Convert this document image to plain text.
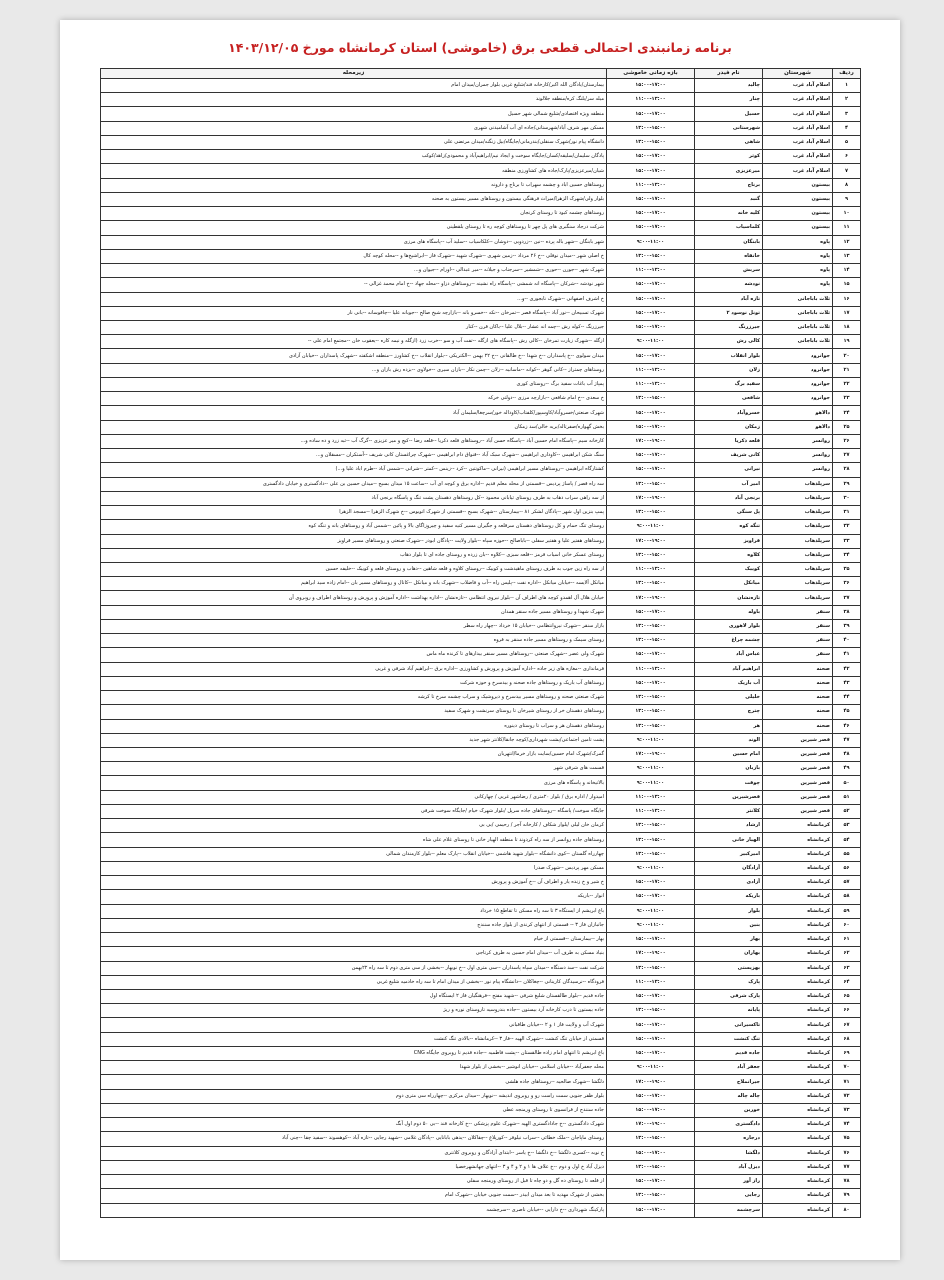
برنامه زمانبندی احتمالی قطعی برق (خاموشی) استان کرمانشاه مورخ ۱۴۰۳/۱۲/۰۵
ردیف	شهرستان	نام فیدر	بازه زمانی خاموشی	زیرمحله
۱	اسلام آباد غرب	چالید	۱۵:۰۰-۱۷:۰۰	بیمارستان/بادگان الله اکبر/کارخانه قند/شلیغ غربی بلوار جمران/میدان امام
۲	اسلام آباد غرب	چنار	۱۱:۰۰-۱۳:۰۰	میله سر/بلنگ کره/منطقه جلالوند
۳	اسلام آباد غرب	حسیل	۱۵:۰۰-۱۷:۰۰	منطقه ویژه اقتصادی/شلیغ شمالی شهر حسیل
۴	اسلام آباد غرب	شهرستانی	۱۳:۰۰-۱۵:۰۰	مسکن مهر شرف آباد/شهرستانی/جاده ای آب آشامیدنی شهری
۵	اسلام آباد غرب	شاهی	۱۳:۰۰-۱۵:۰۰	دانشگاه پیام نور/شهرک سنقلی/بندرمانی/جایگاه/بیل زنگنه/میدان مرتضی علی
۶	اسلام آباد غرب	کوثر	۱۵:۰۰-۱۷:۰۰	پادگان سلیمان/سلیقه/کسان/جایگاه سوخت و ایجاد نیم/ابراهیم‌آباد و محمودی/زاهد/کوکب
۷	اسلام آباد غرب	میرعزیزی	۱۵:۰۰-۱۷:۰۰	شیان/میرعزیزی/پارک/جاده های کشاورزی منطقه
۸	بیستون	برناج	۱۱:۰۰-۱۳:۰۰	روستاهای حسین اباد و چشمه سهراب تا برناج و دارونه
۹	بیستون	گنبد	۱۵:۰۰-۱۷:۰۰	بلوار ولی/شهرک الزهرا/میراث فرهنگی بیستون و روستاهای مسیر بیستون به صحنه
۱۰	بیستون	کلیه خانه	۱۵:۰۰-۱۷:۰۰	روستاهای چشمه کبود تا روستای کرنجان
۱۱	بیستون	کلماسیاب	۱۵:۰۰-۱۷:۰۰	شرکت درجاد سنگبری های پل چهر تا روستاهای کوچه ره تا روستای بلقطینی
۱۲	پاوه	بابنگان	۹:۰۰-۱۱:۰۰	شهر بابنگان --شهر باله پرده --نین --زردویی --دوشان --کلکاسیاب --سلید آب --پاسگاه های مرزی
۱۳	پاوه	خانقاه	۱۳:۰۰-۱۵:۰۰	خ اصلی شهر --میدان نوفلی --خ ۲۶ مرداد --زمین شهری --شهرک شهید --شهرک فاز --ابراشیخ‌ها و --محله کوچه کال
۱۴	پاوه	سربش	۱۱:۰۰-۱۳:۰۰	شهرک شهر --جورن --حوری --شمشیر --سرجناب و جیلانه --میر عبدالی --اورام --جیوان و...
۱۵	پاوه	نودشه	۱۵:۰۰-۱۷:۰۰	شهر نودشه --شرکان --پاسگاه انه شمشی --پاسگاه راه نشینه --روستاهای دزاو --محله جهاد --خ امام محمد غزالی --
۱۶	ثلاث باباجانی	تازه آباد	۱۵:۰۰-۱۷:۰۰	خ اشرف اصفهانی --شهرک نابجوری --و...
۱۷	ثلاث باباجانی	تونل نوسود ۲	۱۵:۰۰-۱۷:۰۰	شهرک تسبیحان --نور آباد --پاسگاه قصر --تمرخان --نکه --خسرو بانه --بازارچه شیخ صالح --جوبانه عليا --چاقوسانه --بانی نار
۱۸	ثلاث باباجانی	جیرزرنگ	۱۵:۰۰-۱۷:۰۰	جیرزرنگ --کوله رش --چمه انه عشار --بلال علیا --باکان قرن --کنار
۱۹	ثلاث باباجانی	کالی رش	۹:۰۰-۱۱:۰۰	ازگله --شهرک زیارت تمرخان --کالی رش --پاسگاه های ازگله --تفت آب و سو --خرب زرد (ازگله و نیمه کاره --یعقوب خان --مجتمع امام علی --
۲۰	جوانرود	بلوار انقلاب	۱۵:۰۰-۱۷:۰۰	میدان سولوی --خ پاسداران --خ شهدا --خ طالقانی --خ ۲۲ بهمن --الکتریکی --بلوار انقلاب --خ کشاورز --منطقه اشکفته --شهرک پاسداران --خیابان آزادی
۲۱	جوانرود	زلان	۱۱:۰۰-۱۳:۰۰	روستاهای چمتراز --کانی گوهر --کوانه --ماسانیه --زلان --چمن نکار --بازان سیری --خولاوی --بزده رش بازان و...
۲۲	جوانرود	سفید برگ	۱۱:۰۰-۱۳:۰۰	پمپاژ آب باغات سفید برگ --روستای کوری
۲۳	جوانرود	شافعی	۱۳:۰۰-۱۵:۰۰	خ سعدی --خ امام شافعی --بازارچه مرزی --دولتی خرکه
۲۴	دالاهو	خسروآباد	۱۵:۰۰-۱۷:۰۰	شهرک صنعتی/خسروآباد/کاوسپور/کلفتاب/کاوداله خور/سرچغا/سلیمان آباد
۲۵	دالاهو	زمکان	۱۵:۰۰-۱۷:۰۰	بخش گهواره/صفرتاله/بریه خالی/سد زمکان
۲۶	روانسر	قلعه ذکریا	۱۷:۰۰-۱۹:۰۰	کارخانه سیم --پاسگاه امام حسین آباد --پاسگاه حسن آباد --روستاهای قلعه ذکریا --قلعه رضا --کیچ و میر عزیزی --گرگ آب --ثبه زرد و ده ساده و...
۲۷	روانسر	کانی شریف	۱۵:۰۰-۱۷:۰۰	سنگ شکن ابراهیمی --کاوداری ابراهیمی --شهرک سبک آباد --قنواق دام ابراهیمی --شهرک چراغستان کانی شریف --آستکران --مسقلان و...
۲۸	روانسر	نیرانی	۱۵:۰۰-۱۷:۰۰	کشتارگاه ابراهیمی --روستاهای مسیر ابراهیمی (نیرانی --ماکونتین --کرد --زینس --کمتر --شرانی --شمس آباد --طرم اباد علیا و...)
۲۹	سرپلذهاب	امیر آب	۱۳:۰۰-۱۵:۰۰	سه راه قصر / پاساژ پردیس --قسمتی از محله معلم قدیم --اداره برق و کوچه ای آب --ساعت ۱۵ میدان بسیج --میدان حسین بن علی --دادگستری و خیابان دادگستری
۳۰	سرپلذهاب	برنجی آباد	۱۷:۰۰-۱۹:۰۰	از سه راهی سراب ذهاب به طرف روستای ثیابانی محمود --کل روستاهای دهستان پشت تنگ و پاسگاه برنجی آباد
۳۱	سرپلذهاب	پل سنگی	۱۳:۰۰-۱۵:۰۰	پمپ بنزین اول شهر --پادگان لشکر ۸۱ --بیمارستان --شهرک بسیج --قسمتی از شهرک اتوبوس --خ شهرک الزهرا --مسجد الزهرا
۳۲	سرپلذهاب	تنگه کوه	۹:۰۰-۱۱:۰۰	روستای تنگ حمام و کل روستاهای دهستان سرقلعه و جگیران مسیر کنیه سفید و چیروزاگای بالا و پائین --شمس آباد و روستاهای بانه و تنگه کوه
۳۳	سرپلذهاب	قراویز	۱۷:۰۰-۱۹:۰۰	روستاهای هفتیر علیا و هفتیر سفلی --باباصالح --حوزه سپاه --بلوار ولایت --پادگان ابوذر --شهرک صنعتی و روستاهای مسیر قراویز
۳۴	سرپلذهاب	کلاوه	۱۳:۰۰-۱۵:۰۰	روستای عسکر خانی اسیاب قرمز --قلعه سبزی --کلاوه --بان زرده و روستای جاده ای تا بلوار ذهاب
۳۵	سرپلذهاب	کوییک	۱۱:۰۰-۱۳:۰۰	از سه راه زین جوب به طرف روستای ماهیدشت و کوییک --روستای کلاوه و قلعه شاهین --ذهاب و روستای قلعه و کوییک --خلیفه حسین
۳۶	سرپلذهاب	میانکل	۱۳:۰۰-۱۵:۰۰	میانکل آلایسه --خیابان میانکل --اداره نفت --پلیس راه --آب و فاضلاب --شهرک بانه و میانکل --کانال و روستاهای مسیر بان --امام زاده سید ابراهیم
۳۷	سرپلذهاب	تازه‌نشان	۱۷:۰۰-۱۹:۰۰	خیابان هلال آل اهمدو کوچه های اطراف آن --بلوار نیروی انتظامی --تازه‌نشان --اداره بهداشت --اداره آموزش و پرورش و روستاهای اطراف و روبروی آن
۳۸	سنقر	باوله	۱۵:۰۰-۱۷:۰۰	شهرک شهدا و روستاهای مسیر جاده سنقر همدان
۳۹	سنقر	بلوار لاهوری	۱۳:۰۰-۱۵:۰۰	بازار سنقر --شهرک نیروانتظامی --خیابان ۱۵ خرداد --چهار راه سطر
۴۰	سنقر	چشمه چراغ	۱۳:۰۰-۱۵:۰۰	روستای سیمک و روستاهای مسیر جاده سنقر به فروه
۴۱	سنقر	عباس آباد	۱۵:۰۰-۱۷:۰۰	شهرک ولی عصر --شهرک صنعتی --روستاهای مسیر سنقر بیدارهای تا کرنده ماه ماس
۴۲	صحنه	ابراهیم آباد	۱۱:۰۰-۱۳:۰۰	فرمانداری --مغازه های زیر جاده --اداره آموزش و پرورش و کشاورزی --اداره برق --ابراهیم آباد شرقی و غربی
۴۳	صحنه	آب باریک	۱۵:۰۰-۱۷:۰۰	روستاهای آب باریک و روستاهای جاده صحنه و بیدسرخ و حوزه شرکت
۴۴	صحنه	خلیلی	۱۳:۰۰-۱۵:۰۰	شهرک صنعتی صحنه و روستاهای مسیر بیدسرخ و دیروشیک و سراب چشمه سرخ تا کرشه
۴۵	صحنه	چترچ	۱۳:۰۰-۱۵:۰۰	روستاهای دهستان خر از روستای شیرخان تا روستای سرنشت و شهرک سفید
۴۶	صحنه	هر	۱۳:۰۰-۱۵:۰۰	روستاهای دهستان هر و سراب تا روستای دینوره
۴۷	قصر شیرین	الوند	۹:۰۰-۱۱:۰۰	پشت تامین اجتماعی/پشت شهرداری/کوچه جانقا/کلانتر شهر جدید
۴۸	قصر شیرین	امام حسین	۱۷:۰۰-۱۹:۰۰	گمرک/شهرک امام حسین/سایت بازار خرما/انتهربان
۴۹	قصر شیرین	بازبان	۹:۰۰-۱۱:۰۰	قسمت های شرقی شهر
۵۰	قصر شیرین	چوقت	۹:۰۰-۱۱:۰۰	بالاتیخانه و پاسگاه های مرزی
۵۱	قصر شیرین	قصرشیرین	۱۱:۰۰-۱۳:۰۰	امیدوار / اداره برق / بلوار ۲۰متری / رضاشهر غربی / چهارکانی
۵۲	قصر شیرین	کلانتر	۱۱:۰۰-۱۳:۰۰	جایگاه سوخت/ پاسگاه --روستاهای جاده سرپل /بلوار شهرک خیام /جایگاه سوخت شرقی
۵۳	کرمانشاه	ارشاد	۱۳:۰۰-۱۵:۰۰	کرمان خان لیلی /بلوار شکاف / کارخانه آجر / رحیمی /بی بی
۵۴	کرمانشاه	الهیار خانی	۱۳:۰۰-۱۵:۰۰	روستاهای جاده روانسر از سه راه کردوند تا منطقه الهیار خانی تا روستای غلام علی شاه
۵۵	کرمانشاه	امیرکبیر	۱۳:۰۰-۱۵:۰۰	چهارراه گلستان --کوی دانشگاه --بلوار شهید هاشمی --خیابان انقلاب --پارک معلم --بلوار کارمندان شمالی
۵۶	کرمانشاه	آزادگان	۹:۰۰-۱۱:۰۰	مسکن مهر پردیس --شهرک صدرا
۵۷	کرمانشاه	آزادی	۱۵:۰۰-۱۷:۰۰	خ شیر و خ زنده یار و اطراف آن --خ آموزش و پرورش
۵۸	کرمانشاه	باریکه	۱۵:۰۰-۱۷:۰۰	انوار --باریکه
۵۹	کرمانشاه	بلوار	۹:۰۰-۱۱:۰۰	باغ ابریشم از ایستگاه ۳ تا سه راه مسکن تا تقاطع ۱۵ خرداد
۶۰	کرمانشاه	بنین	۹:۰۰-۱۱:۰۰	جانبازان فاز ۳ -- قسمتی از انتهای کرندی از بلوار جاده سنندج
۶۱	کرمانشاه	بهار	۱۵:۰۰-۱۷:۰۰	بهار --بیمارستان --قسمتی از خیام
۶۲	کرمانشاه	بهاران	۱۷:۰۰-۱۹:۰۰	بنیاد مسکن به طرف آب --میدان امام حسین به طرف کرتاجی
۶۳	کرمانشاه	بهزیستی	۱۳:۰۰-۱۵:۰۰	شرکت نفت --سد دستگاه --میدان سپاه پاسداران --سی متری اول --خ نوبهار --بخشی از سی متری دوم تا سه راه ۲۲بهمن
۶۴	کرمانشاه	پارک	۱۱:۰۰-۱۳:۰۰	فرودگاه --نرسیدگان کارینانی --چغاکلان --دانشگاه پیام نور --بخشی از میدان امام تا سه راه خادمیه شلیغ غربی
۶۵	کرمانشاه	پارک شرقی	۱۵:۰۰-۱۷:۰۰	جاده قدیم --بلوار طالقستان شلیغ شرقی --شهید مفتح --فرهنگیان فاز ۲ ایستگاه اول
۶۶	کرمانشاه	پایانه	۱۳:۰۰-۱۵:۰۰	جاده بیستون تا درب کارخانه آرد بیستون --جاده بندروسیه تاروستای نوره و ریژ
۶۷	کرمانشاه	تاکسیرانی	۱۵:۰۰-۱۷:۰۰	شهرک آب و ولایت فاز ۱ و ۲ --خیابان طاقبانی
۶۸	کرمانشاه	تنگ کنشت	۱۵:۰۰-۱۷:۰۰	قسمتی از خیابان تنگ کنشت --شهرک الهیه --فاز ۳ --کرمانشاه --بالادی تنگ کنشت
۶۹	کرمانشاه	جاده قدیم	۱۵:۰۰-۱۷:۰۰	باغ ابریشم تا انتهای امام زاده طالقستان --پشت فاطمیه --جاده قدیم تا روبروی جایگاه CNG
۷۰	کرمانشاه	جعفر آباد	۹:۰۰-۱۱:۰۰	محله جعفرآباد --خیابان اسلامی --خیابان انوشیر --بخشی از بلوار شهدا
۷۱	کرمانشاه	جیرانملاح	۱۷:۰۰-۱۹:۰۰	دلگشا --شهرک صالحیه --روستاهای جاده هلشی
۷۲	کرمانشاه	چاله چاله	۱۵:۰۰-۱۷:۰۰	بلوار ظفر جنوبی سمت راست رو و روبروی اندیشه --نوبهار --میدان مرکزی --چهارراه سی متری دوم
۷۳	کرمانشاه	خورین	۱۵:۰۰-۱۷:۰۰	جاده سنندج از فرانسوی تا روستای ورمنجه عطی
۷۴	کرمانشاه	دادگستری	۱۷:۰۰-۱۹:۰۰	شهرک دادگستری --خ جادادگستری الهیه --شهرک علوم پزشکی --خ کارخانه قند --بی ۵۰ دوم اول آبگ
۷۵	کرمانشاه	درجاره	۱۳:۰۰-۱۵:۰۰	روستای ماپاجان --ملک خطائی --سراب نیلوفر --کورپلاغ --چقاکلان --یدهی بابانایی --پادگان غلامی --شهید رجایی --تازه آباد --کوهسوند --سفید چقا --چنی آباد
۷۶	کرمانشاه	دلگشا	۱۵:۰۰-۱۷:۰۰	خ نوبه --کسری دلگشا --خ دلگشا --خ یاسر --ابتدای آزادگان و روبروی کلانتری
۷۷	کرمانشاه	دیزل آباد	۱۳:۰۰-۱۵:۰۰	دیزل آباد خ اول و دوم --خ علاف ها ۱ و ۲ و ۴ و ۳ --انتهای جهانشهرخصیا
۷۸	کرمانشاه	راز آور	۱۵:۰۰-۱۷:۰۰	از قلعه تا روستای ده گل و دو چاه تا قبل از روستای ورمنجه سفلی
۷۹	کرمانشاه	رجایی	۱۳:۰۰-۱۵:۰۰	بخشی از شهرک مهدیه تا بعد میدان ابیذر --سمت جنوبی خیابان --شهرک امام
۸۰	کرمانشاه	سرچشمه	۱۵:۰۰-۱۷:۰۰	پارکینگ شهرداری --خ دارایی --خیابان ناصری --سرچشمه
